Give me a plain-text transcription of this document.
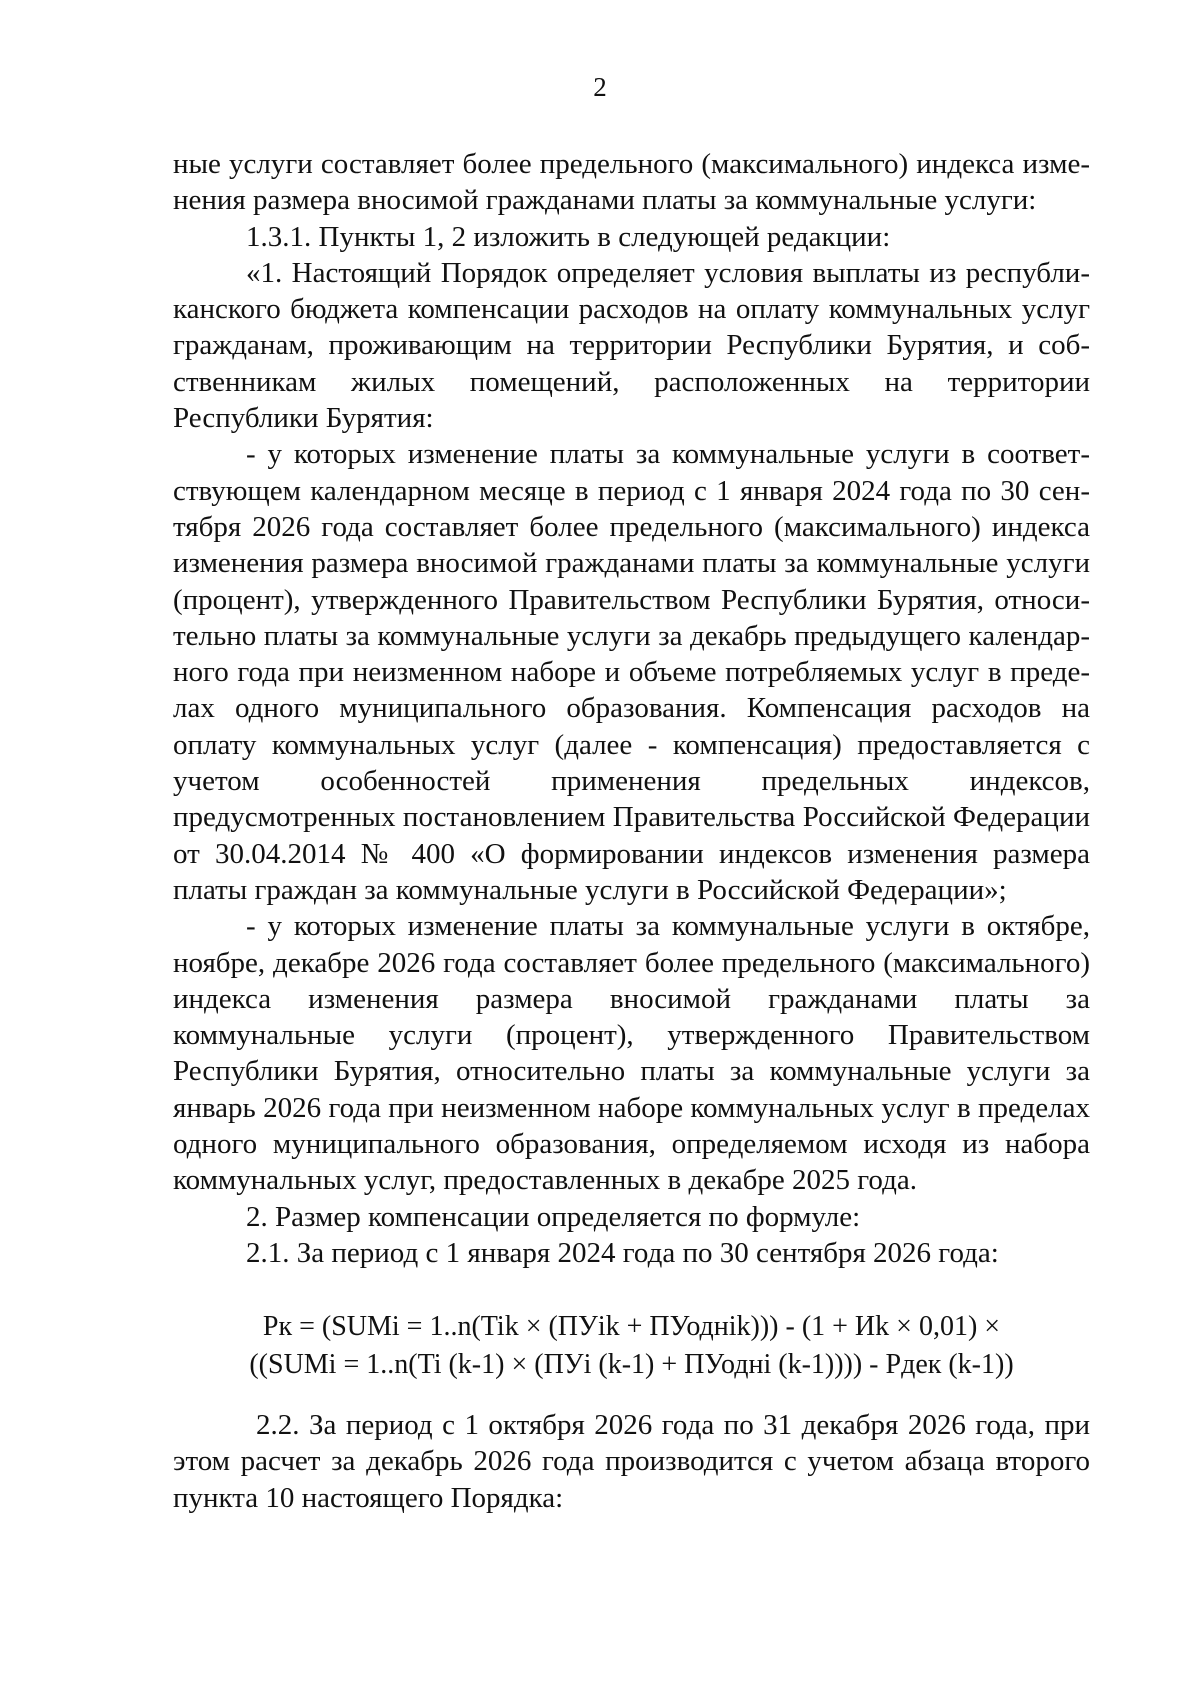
2

ные услуги составляет более предельного (максимального) индекса изменения размера вносимой гражданами платы за коммунальные услуги:

1.3.1. Пункты 1, 2 изложить в следующей редакции:

«1. Настоящий Порядок определяет условия выплаты из республиканского бюджета компенсации расходов на оплату коммунальных услуг гражданам, проживающим на территории Республики Бурятия, и собственникам жилых помещений, расположенных на территории Республики Бурятия:

- у которых изменение платы за коммунальные услуги в соответствующем календарном месяце в период с 1 января 2024 года по 30 сентября 2026 года составляет более предельного (максимального) индекса изменения размера вносимой гражданами платы за коммунальные услуги (процент), утвержденного Правительством Республики Бурятия, относительно платы за коммунальные услуги за декабрь предыдущего календарного года при неизменном наборе и объеме потребляемых услуг в пределах одного муниципального образования. Компенсация расходов на оплату коммунальных услуг (далее - компенсация) предоставляется с учетом особенностей применения предельных индексов, предусмотренных постановлением Правительства Российской Федерации от 30.04.2014 № 400 «О формировании индексов изменения размера платы граждан за коммунальные услуги в Российской Федерации»;

- у которых изменение платы за коммунальные услуги в октябре, ноябре, декабре 2026 года составляет более предельного (максимального) индекса изменения размера вносимой гражданами платы за коммунальные услуги (процент), утвержденного Правительством Республики Бурятия, относительно платы за коммунальные услуги за январь 2026 года при неизменном наборе коммунальных услуг в пределах одного муниципального образования, определяемом исходя из набора коммунальных услуг, предоставленных в декабре 2025 года.

2. Размер компенсации определяется по формуле:

2.1. За период с 1 января 2024 года по 30 сентября 2026 года:

Pк = (SUMi = 1..n(Tik × (ПУik + ПУоднik))) - (1 + Иk × 0,01) ×
((SUMi = 1..n(Ti (k-1) × (ПУi (k-1) + ПУоднi (k-1)))) - Pдек (k-1))

2.2. За период с 1 октября 2026 года по 31 декабря 2026 года, при этом расчет за декабрь 2026 года производится с учетом абзаца второго пункта 10 настоящего Порядка:
